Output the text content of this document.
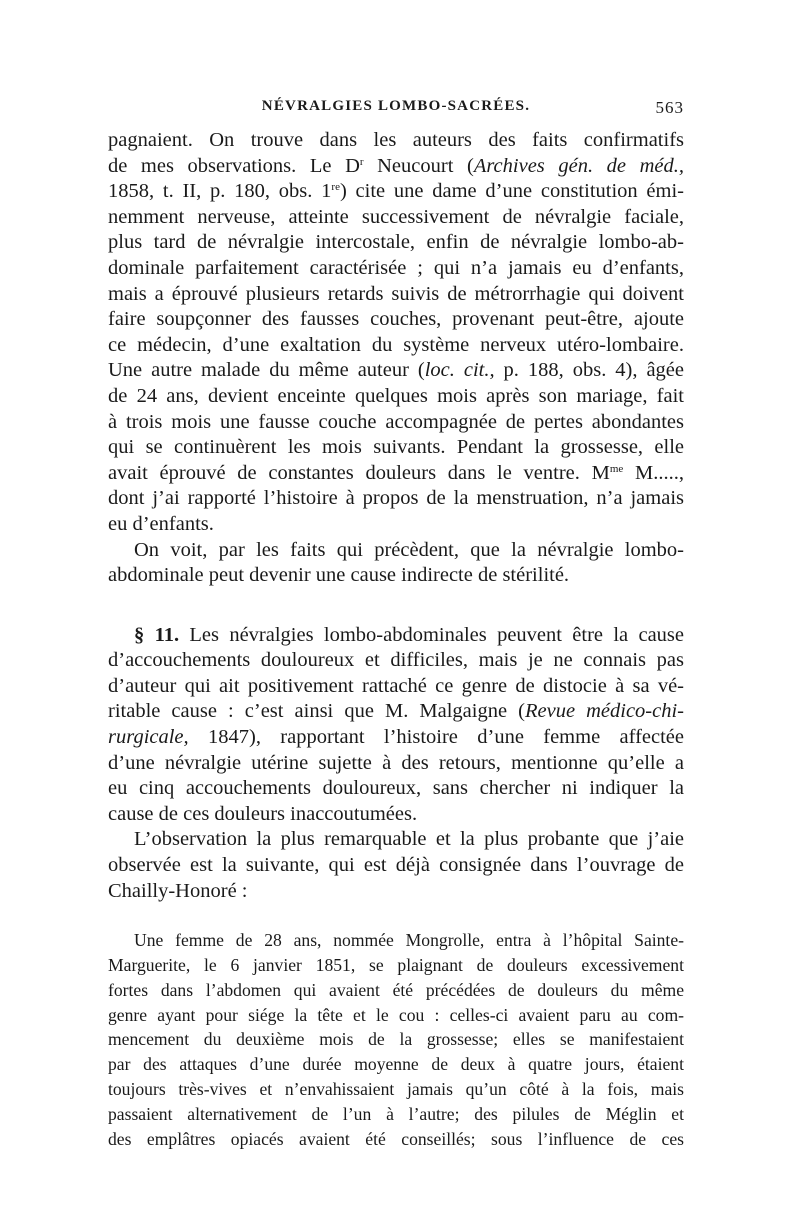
NÉVRALGIES LOMBO-SACRÉES.	563
pagnaient. On trouve dans les auteurs des faits confirmatifs
de mes observations. Le $D^r$ Neucourt (Archives gén. de méd.,
1858, t. II, p. 180, obs. 1re) cite une dame d’une constitution émi-
nemment nerveuse, atteinte successivement de névralgie faciale,
plus tard de névralgie intercostale, enfin de névralgie lombo-ab-
dominale parfaitement caractérisée ; qui n’a jamais eu d’enfants,
mais a éprouvé plusieurs retards suivis de métrorrhagie qui doivent
faire soupçonner des fausses couches, provenant peut-être, ajoute
ce médecin, d’une exaltation du système nerveux utéro-lombaire.
Une autre malade du même auteur (loc. cit., p. 188, obs. 4), âgée
de 24 ans, devient enceinte quelques mois après son mariage, fait
à trois mois une fausse couche accompagnée de pertes abondantes
qui se continuèrent les mois suivants. Pendant la grossesse, elle
avait éprouvé de constantes douleurs dans le ventre. $M^{me}$ M.....,
dont j’ai rapporté l’histoire à propos de la menstruation, n’a jamais
eu d’enfants.
On voit, par les faits qui précèdent, que la névralgie lombo-
abdominale peut devenir une cause indirecte de stérilité.
§ 11. Les névralgies lombo-abdominales peuvent être la cause
d’accouchements douloureux et difficiles, mais je ne connais pas
d’auteur qui ait positivement rattaché ce genre de distocie à sa vé-
ritable cause : c’est ainsi que M. Malgaigne (Revue médico-chi-
rurgicale, 1847), rapportant l’histoire d’une femme affectée
d’une névralgie utérine sujette à des retours, mentionne qu’elle a
eu cinq accouchements douloureux, sans chercher ni indiquer la
cause de ces douleurs inaccoutumées.
L’observation la plus remarquable et la plus probante que j’aie
observée est la suivante, qui est déjà consignée dans l’ouvrage de
Chailly-Honoré :
Une femme de 28 ans, nommée Mongrolle, entra à l’hôpital Sainte-
Marguerite, le 6 janvier 1851, se plaignant de douleurs excessivement
fortes dans l’abdomen qui avaient été précédées de douleurs du même
genre ayant pour siége la tête et le cou : celles-ci avaient paru au com-
mencement du deuxième mois de la grossesse; elles se manifestaient
par des attaques d’une durée moyenne de deux à quatre jours, étaient
toujours très-vives et n’envahissaient jamais qu’un côté à la fois, mais
passaient alternativement de l’un à l’autre; des pilules de Méglin et
des emplâtres opiacés avaient été conseillés; sous l’influence de ces
